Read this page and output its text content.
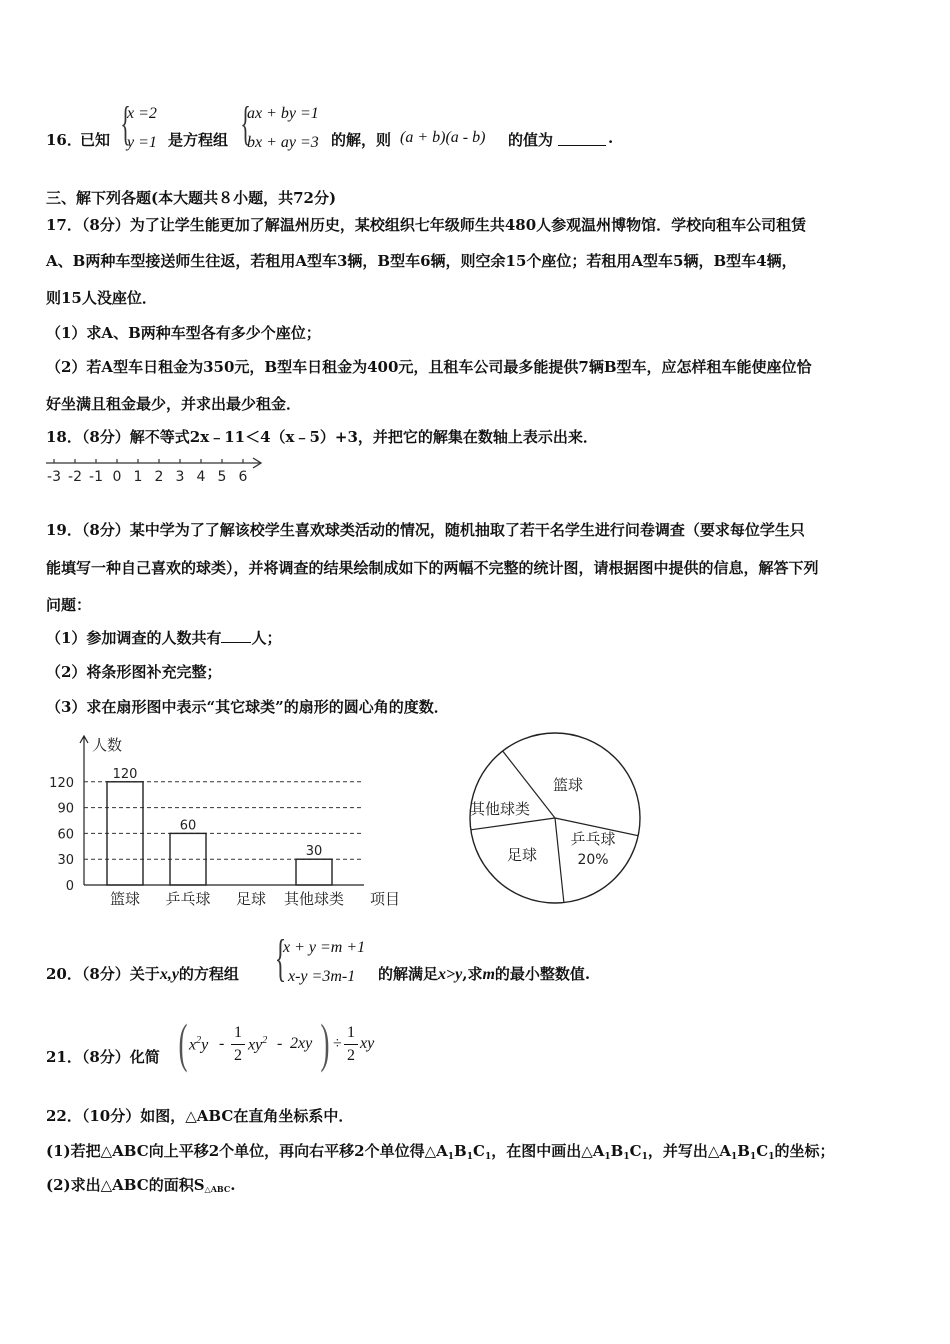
16．
已知 {
x =2
y =1 是方程组 {
ax + by =1
bx + ay =3 的解，则 (a + b)(a - b) 的值为	.
三、解下列各题(本大题共８小题，共72分)
17．（8分）为了让学生能更加了解温州历史，某校组织七年级师生共480人参观温州博物馆．学校向租车公司租赁
A、B两种车型接送师生往返，若租用A型车3辆，B型车6辆，则空余15个座位；若租用A型车5辆，B型车4辆，
则15人没座位．
（1）求A、B两种车型各有多少个座位；
（2）若A型车日租金为350元，B型车日租金为400元，且租车公司最多能提供7辆B型车，应怎样租车能使座位恰
好坐满且租金最少，并求出最少租金．
18．（8分）解不等式2x﹣11＜4（x﹣5）+3，并把它的解集在数轴上表示出来．
-3 -2 -1 0 1 2 3 4 5 6
19．（8分）某中学为了了解该校学生喜欢球类活动的情况，随机抽取了若干名学生进行问卷调查（要求每位学生只
能填写一种自己喜欢的球类），并将调查的结果绘制成如下的两幅不完整的统计图，请根据图中提供的信息，解答下列
问题：
（1）参加调查的人数共有 人；
（2）将条形图补充完整；
（3）求在扇形图中表示“其它球类”的扇形的圆心角的度数．
人数
项目
0
30
60
90
120
篮球
120
乒乓球
60
足球 其他球类
30
篮球
乒乓球
20%
足球
其他球类
20．（8分）关于x,y的方程组 {
x + y =m +1
x-y =3m-1 的解满足x>y,求m的最小整数值.
21．（8分）化简 ( $x^2y$ -
1
2
$xy^2 - 2xy$ ) ÷
1
2
xy
22．（10分）如图，△ABC在直角坐标系中．
(1)若把△ABC向上平移2个单位，再向右平移2个单位得$\triangle A_1B_1C_1$，在图中画出$\triangle A_1B_1C_1$，并写出$\triangle A_1B_1C_1$的坐标；
(2)求出△ABC的面积S△ABC.
